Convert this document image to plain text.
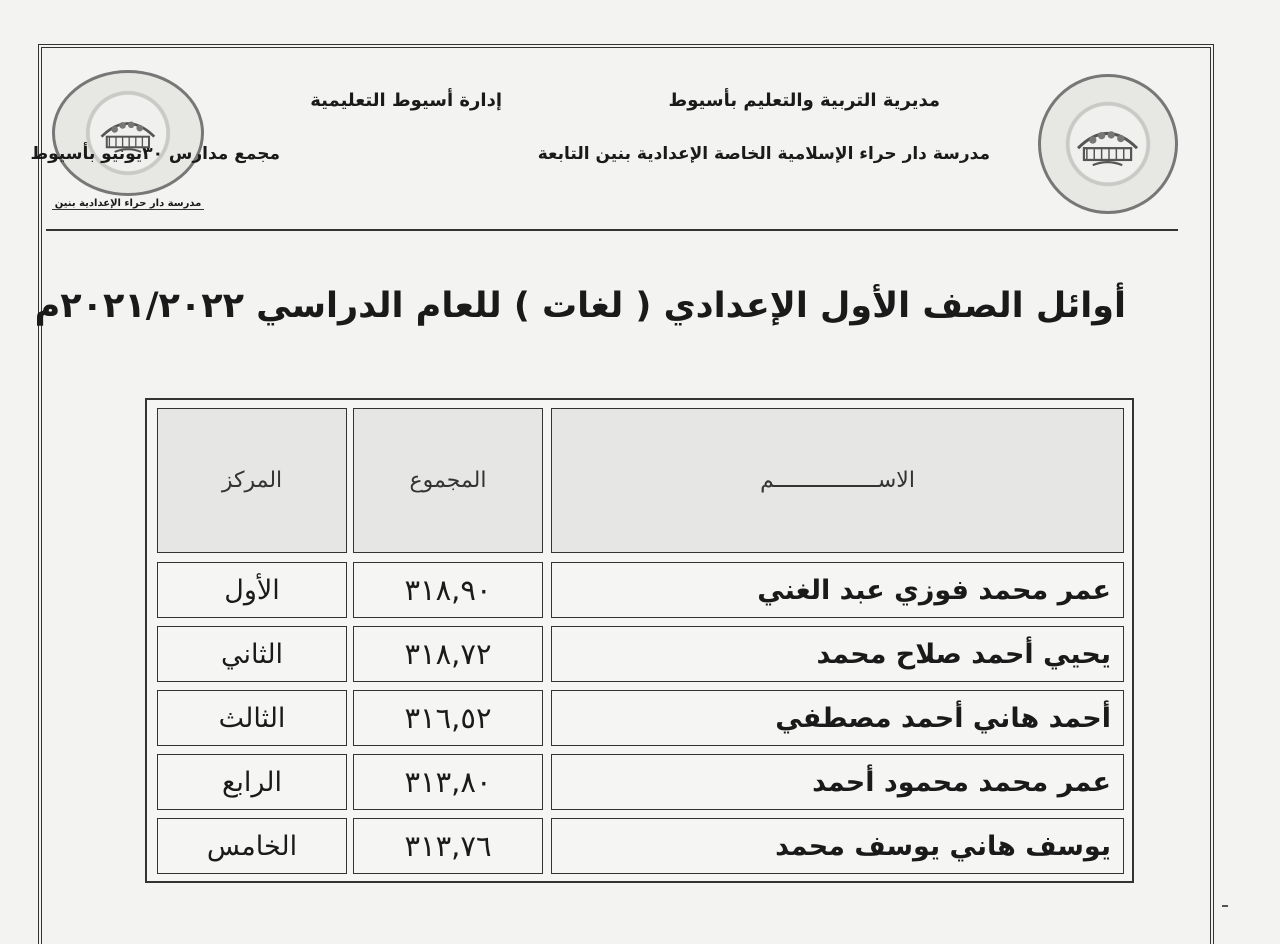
مدرسة دار حراء الإعدادية بنين
مديرية التربية والتعليم بأسيوط
إدارة أسيوط التعليمية
مدرسة دار حراء الإسلامية الخاصة الإعدادية بنين التابعة
مجمع مدارس ٣٠يونيو بأسيوط
أوائل الصف الأول الإعدادي ( لغات ) للعام الدراسي ٢٠٢١/٢٠٢٢م
الاســــــــــــــــم
المجموع
المركز
عمر محمد فوزي عبد الغني
٣١٨,٩٠
الأول
يحيي أحمد صلاح محمد
٣١٨,٧٢
الثاني
أحمد هاني أحمد مصطفي
٣١٦,٥٢
الثالث
عمر محمد محمود أحمد
٣١٣,٨٠
الرابع
يوسف هاني يوسف محمد
٣١٣,٧٦
الخامس
